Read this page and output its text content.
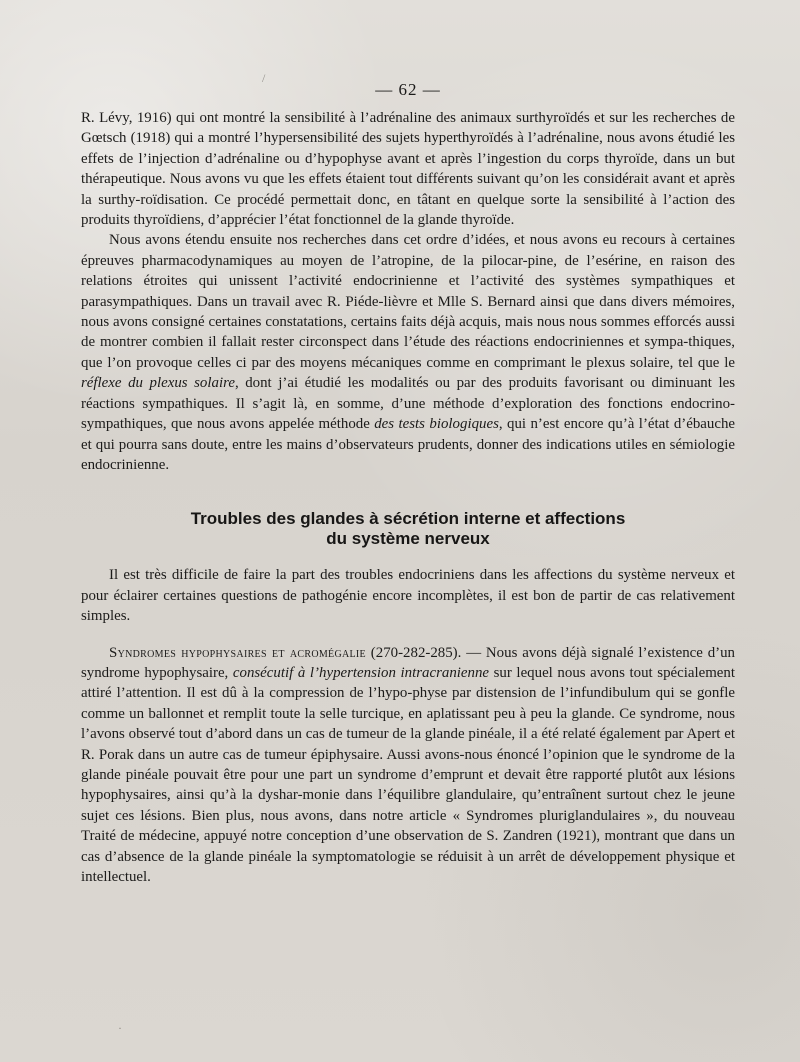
/
·
— 62 —

R. Lévy, 1916) qui ont montré la sensibilité à l’adrénaline des animaux surthyroïdés et sur les recherches de Gœtsch (1918) qui a montré l’hypersensibilité des sujets hyperthyroïdés à l’adrénaline, nous avons étudié les effets de l’injection d’adrénaline ou d’hypophyse avant et après l’ingestion du corps thyroïde, dans un but thérapeutique. Nous avons vu que les effets étaient tout différents suivant qu’on les considérait avant et après la surthy-roïdisation. Ce procédé permettait donc, en tâtant en quelque sorte la sensibilité à l’action des produits thyroïdiens, d’apprécier l’état fonctionnel de la glande thyroïde.

Nous avons étendu ensuite nos recherches dans cet ordre d’idées, et nous avons eu recours à certaines épreuves pharmacodynamiques au moyen de l’atropine, de la pilocar-pine, de l’esérine, en raison des relations étroites qui unissent l’activité endocrinienne et l’activité des systèmes sympathiques et parasympathiques. Dans un travail avec R. Piéde-lièvre et Mlle S. Bernard ainsi que dans divers mémoires, nous avons consigné certaines constatations, certains faits déjà acquis, mais nous nous sommes efforcés aussi de montrer combien il fallait rester circonspect dans l’étude des réactions endocriniennes et sympa-thiques, que l’on provoque celles ci par des moyens mécaniques comme en comprimant le plexus solaire, tel que le réflexe du plexus solaire, dont j’ai étudié les modalités ou par des produits favorisant ou diminuant les réactions sympathiques. Il s’agit là, en somme, d’une méthode d’exploration des fonctions endocrino-sympathiques, que nous avons appelée méthode des tests biologiques, qui n’est encore qu’à l’état d’ébauche et qui pourra sans doute, entre les mains d’observateurs prudents, donner des indications utiles en sémiologie endocrinienne.

Troubles des glandes à sécrétion interne et affections
du système nerveux

Il est très difficile de faire la part des troubles endocriniens dans les affections du système nerveux et pour éclairer certaines questions de pathogénie encore incomplètes, il est bon de partir de cas relativement simples.

Syndromes hypophysaires et acromégalie (270-282-285). — Nous avons déjà signalé l’existence d’un syndrome hypophysaire, consécutif à l’hypertension intracranienne sur lequel nous avons tout spécialement attiré l’attention. Il est dû à la compression de l’hypo-physe par distension de l’infundibulum qui se gonfle comme un ballonnet et remplit toute la selle turcique, en aplatissant peu à peu la glande. Ce syndrome, nous l’avons observé tout d’abord dans un cas de tumeur de la glande pinéale, il a été relaté également par Apert et R. Porak dans un autre cas de tumeur épiphysaire. Aussi avons-nous énoncé l’opinion que le syndrome de la glande pinéale pouvait être pour une part un syndrome d’emprunt et devait être rapporté plutôt aux lésions hypophysaires, ainsi qu’à la dyshar-monie dans l’équilibre glandulaire, qu’entraînent surtout chez le jeune sujet ces lésions. Bien plus, nous avons, dans notre article « Syndromes pluriglandulaires », du nouveau Traité de médecine, appuyé notre conception d’une observation de S. Zandren (1921), montrant que dans un cas d’absence de la glande pinéale la symptomatologie se réduisit à un arrêt de développement physique et intellectuel.
